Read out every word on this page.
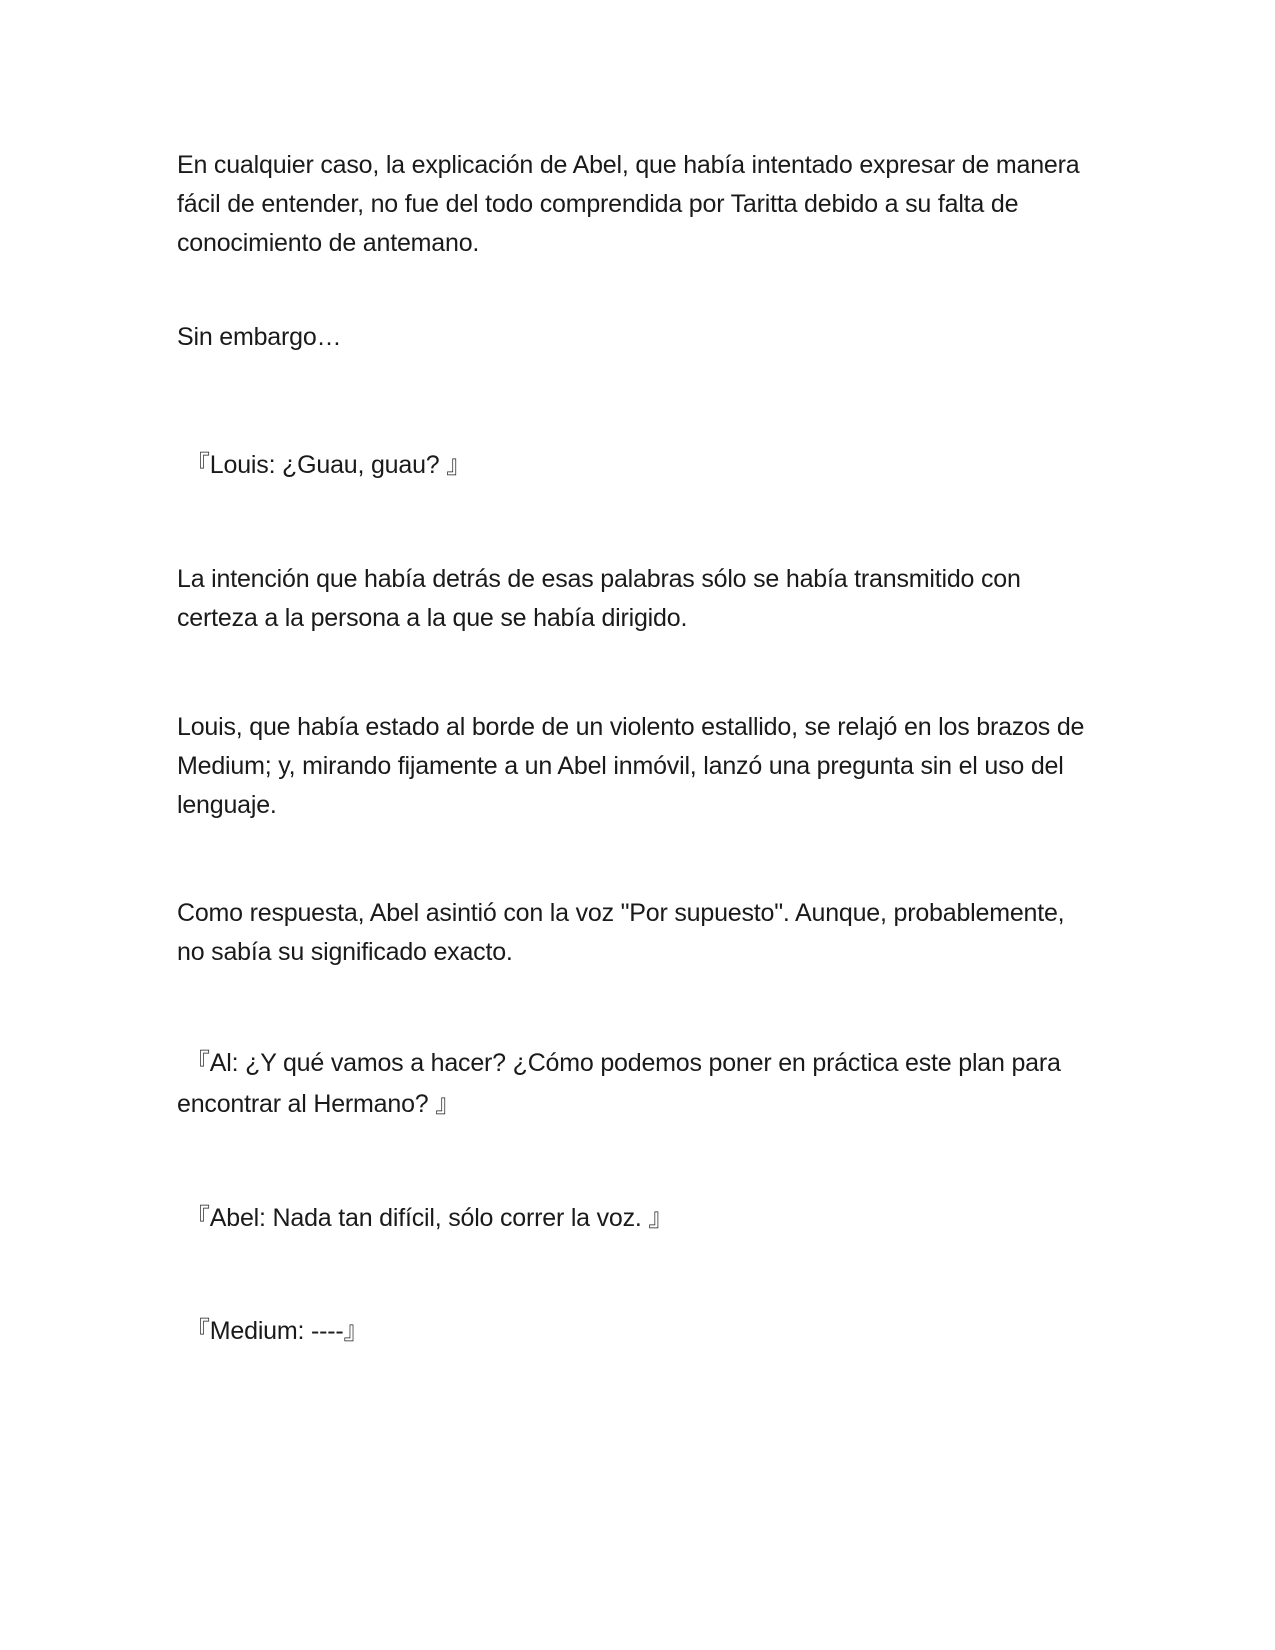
En cualquier caso, la explicación de Abel, que había intentado expresar de manera fácil de entender, no fue del todo comprendida por Taritta debido a su falta de conocimiento de antemano.

Sin embargo…

『Louis: ¿Guau, guau? 』

La intención que había detrás de esas palabras sólo se había transmitido con certeza a la persona a la que se había dirigido.

Louis, que había estado al borde de un violento estallido, se relajó en los brazos de Medium; y, mirando fijamente a un Abel inmóvil, lanzó una pregunta sin el uso del lenguaje.

Como respuesta, Abel asintió con la voz "Por supuesto". Aunque, probablemente, no sabía su significado exacto.

『Al: ¿Y qué vamos a hacer? ¿Cómo podemos poner en práctica este plan para encontrar al Hermano? 』

『Abel: Nada tan difícil, sólo correr la voz. 』

『Medium: ----』
